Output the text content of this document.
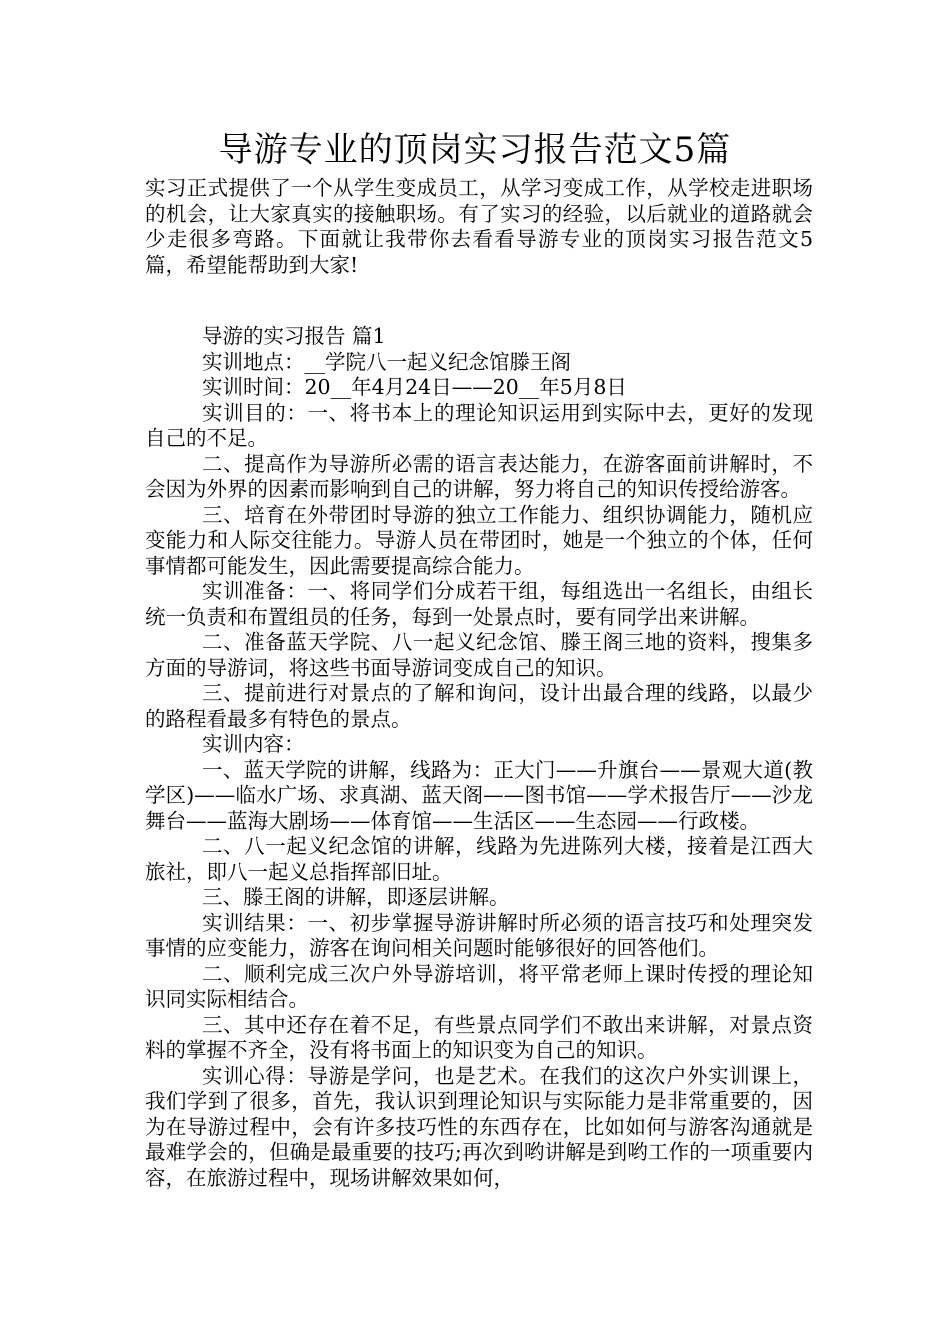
导游专业的顶岗实习报告范文5篇

实习正式提供了一个从学生变成员工，从学习变成工作，从学校走进职场的机会，让大家真实的接触职场。有了实习的经验，以后就业的道路就会少走很多弯路。下面就让我带你去看看导游专业的顶岗实习报告范文5篇，希望能帮助到大家!

导游的实习报告 篇1

实训地点：__学院八一起义纪念馆滕王阁

实训时间：20__年4月24日——20__年5月8日

实训目的：一、将书本上的理论知识运用到实际中去，更好的发现自己的不足。

二、提高作为导游所必需的语言表达能力，在游客面前讲解时，不会因为外界的因素而影响到自己的讲解，努力将自己的知识传授给游客。

三、培育在外带团时导游的独立工作能力、组织协调能力，随机应变能力和人际交往能力。导游人员在带团时，她是一个独立的个体，任何事情都可能发生，因此需要提高综合能力。

实训准备：一、将同学们分成若干组，每组选出一名组长，由组长统一负责和布置组员的任务，每到一处景点时，要有同学出来讲解。

二、准备蓝天学院、八一起义纪念馆、滕王阁三地的资料，搜集多方面的导游词，将这些书面导游词变成自己的知识。

三、提前进行对景点的了解和询问，设计出最合理的线路，以最少的路程看最多有特色的景点。

实训内容：

一、蓝天学院的讲解，线路为：正大门——升旗台——景观大道(教学区)——临水广场、求真湖、蓝天阁——图书馆——学术报告厅——沙龙舞台——蓝海大剧场——体育馆——生活区——生态园——行政楼。

二、八一起义纪念馆的讲解，线路为先进陈列大楼，接着是江西大旅社，即八一起义总指挥部旧址。

三、滕王阁的讲解，即逐层讲解。

实训结果：一、初步掌握导游讲解时所必须的语言技巧和处理突发事情的应变能力，游客在询问相关问题时能够很好的回答他们。

二、顺利完成三次户外导游培训，将平常老师上课时传授的理论知识同实际相结合。

三、其中还存在着不足，有些景点同学们不敢出来讲解，对景点资料的掌握不齐全，没有将书面上的知识变为自己的知识。

实训心得：导游是学问，也是艺术。在我们的这次户外实训课上，我们学到了很多，首先，我认识到理论知识与实际能力是非常重要的，因为在导游过程中，会有许多技巧性的东西存在，比如如何与游客沟通就是最难学会的，但确是最重要的技巧;再次到哟讲解是到哟工作的一项重要内容，在旅游过程中，现场讲解效果如何，
